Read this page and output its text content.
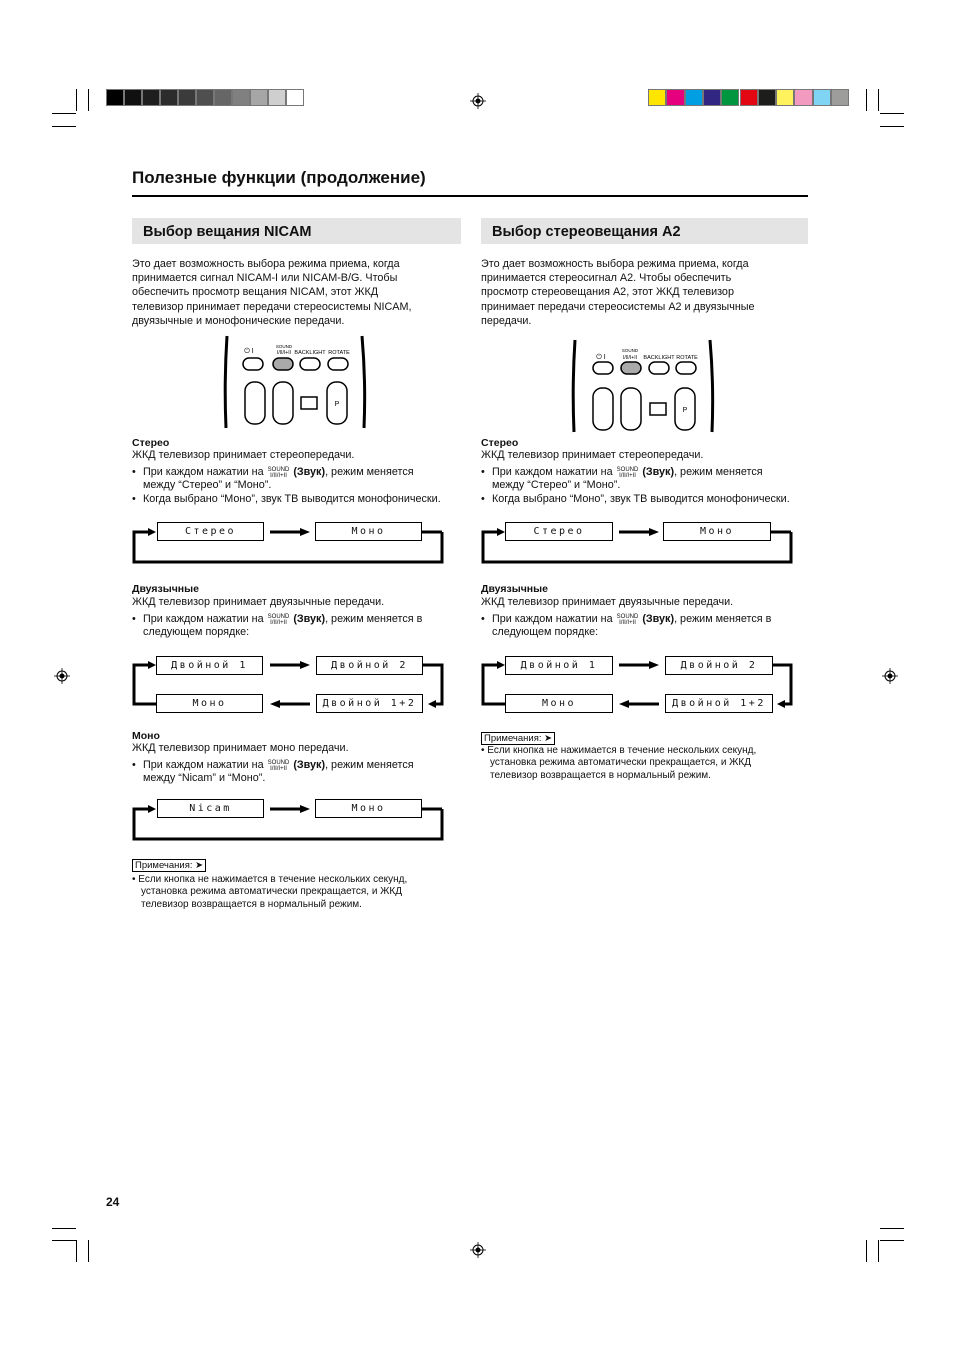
Полезные функции (продолжение)
Выбор вещания NICAM
Это дает возможность выбора режима приема, когда
принимается сигнал NICAM-I или NICAM-B/G. Чтобы
обеспечить просмотр вещания NICAM, этот ЖКД
телевизор принимает передачи стереосистемы NICAM,
двуязычные и монофонические передачи.
⏻ I
SOUND
I/II/I+II BACKLIGHT ROTATE
P
Стерео
ЖКД телевизор принимает стереопередачи.
• При каждом нажатии на SOUND
I/II/I+II (Звук), режим меняется
между “Стерео” и “Моно”.
• Когда выбрано “Моно”, звук ТВ выводится монофонически.
Стерео	Моно
Двуязычные
ЖКД телевизор принимает двуязычные передачи.
• При каждом нажатии на SOUND
I/II/I+II (Звук), режим меняется в
следующем порядке:
Двойной 1	Двойной 2
Моно	Двойной 1+2
Моно
ЖКД телевизор принимает моно передачи.
• При каждом нажатии на SOUND
I/II/I+II (Звук), режим меняется
между “Nicam” и “Моно”.
Nicam	Моно
Примечания: ➤
• Если кнопка не нажимается в течение нескольких секунд,
установка режима автоматически прекращается, и ЖКД
телевизор возвращается в нормальный режим.
Выбор стереовещания A2
Это дает возможность выбора режима приема, когда
принимается стереосигнал A2. Чтобы обеспечить
просмотр стереовещания A2, этот ЖКД телевизор
принимает передачи стереосистемы A2 и двуязычные
передачи.
⏻ I
SOUND
I/II/I+II BACKLIGHT ROTATE
P
Стерео
ЖКД телевизор принимает стереопередачи.
• При каждом нажатии на SOUND
I/II/I+II (Звук), режим меняется
между “Стерео” и “Моно”.
• Когда выбрано “Моно”, звук ТВ выводится монофонически.
Стерео	Моно
Двуязычные
ЖКД телевизор принимает двуязычные передачи.
• При каждом нажатии на SOUND
I/II/I+II (Звук), режим меняется в
следующем порядке:
Двойной 1	Двойной 2
Моно	Двойной 1+2
Примечания: ➤
• Если кнопка не нажимается в течение нескольких секунд,
установка режима автоматически прекращается, и ЖКД
телевизор возвращается в нормальный режим.
24
